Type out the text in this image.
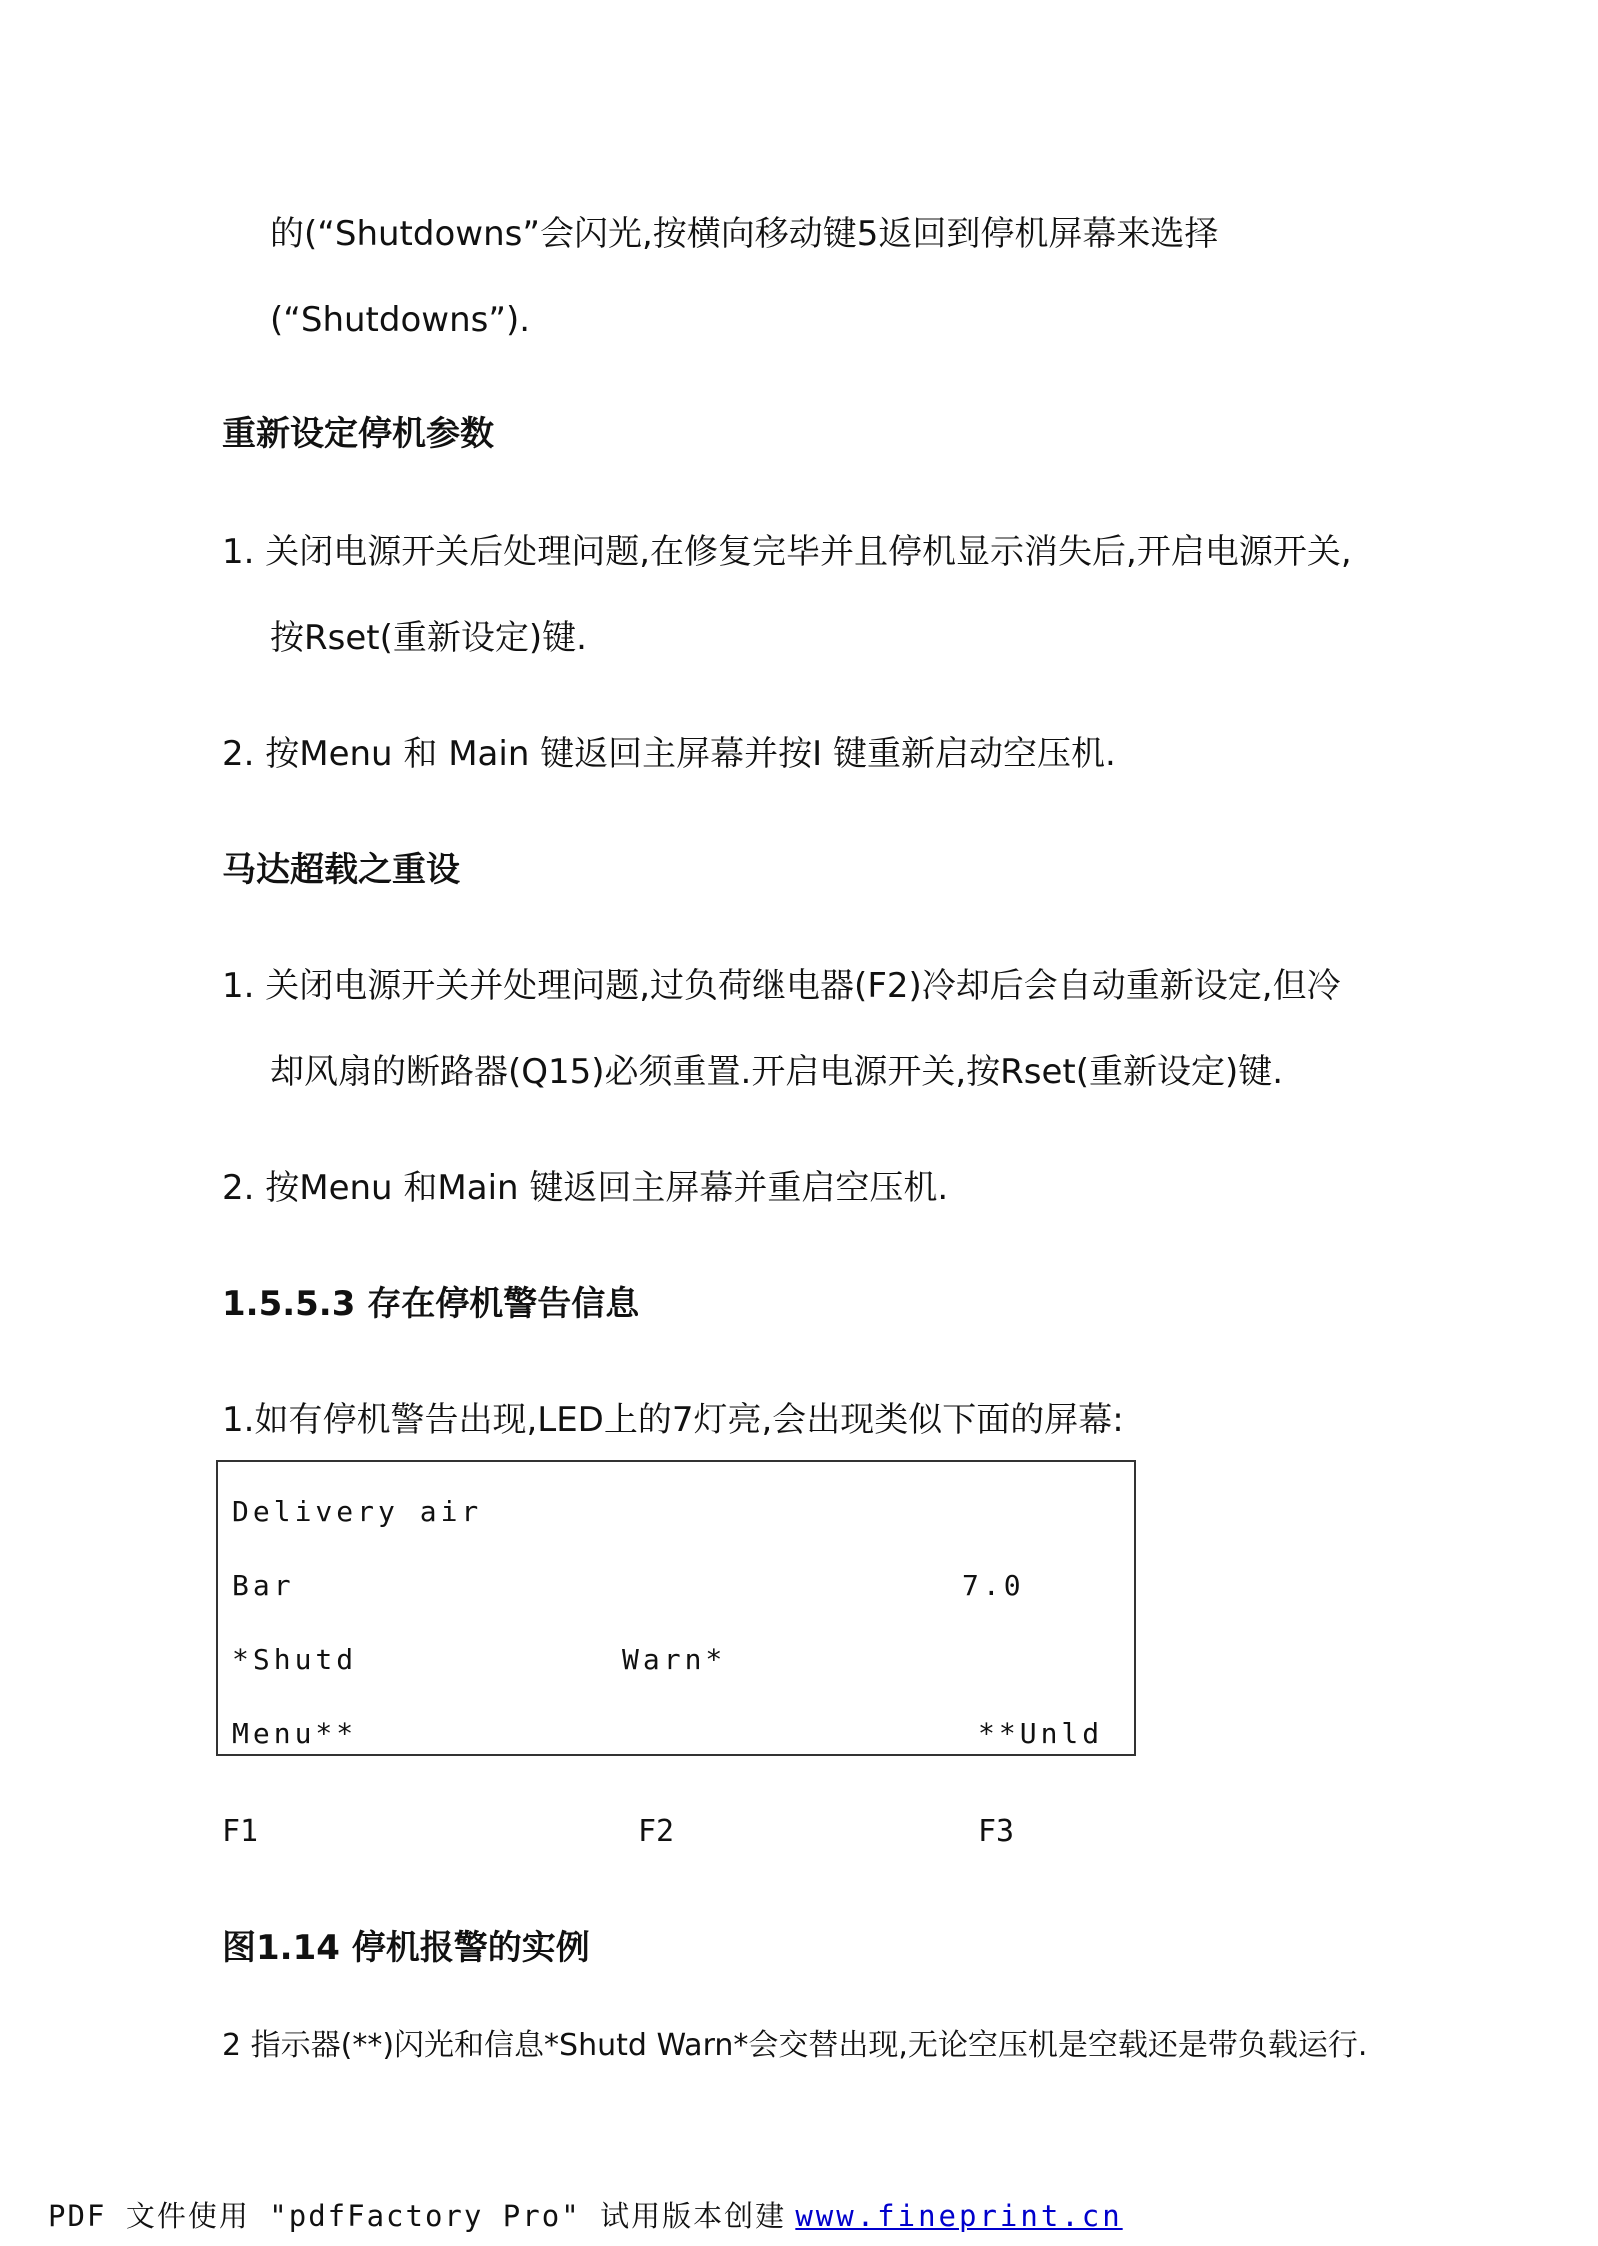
的(“Shutdowns”会闪光,按横向移动键5返回到停机屏幕来选择
(“Shutdowns”).
重新设定停机参数
1. 关闭电源开关后处理问题,在修复完毕并且停机显示消失后,开启电源开关,
按Rset(重新设定)键.
2. 按Menu 和 Main 键返回主屏幕并按I 键重新启动空压机.
马达超载之重设
1. 关闭电源开关并处理问题,过负荷继电器(F2)冷却后会自动重新设定,但冷
却风扇的断路器(Q15)必须重置.开启电源开关,按Rset(重新设定)键.
2. 按Menu 和Main 键返回主屏幕并重启空压机.
1.5.5.3 存在停机警告信息
1.如有停机警告出现,LED上的7灯亮,会出现类似下面的屏幕:
Delivery air
Bar	7.0
*Shutd	Warn*
Menu**	**Unld
F1	F2	F3
图1.14 停机报警的实例
2 指示器(**)闪光和信息*Shutd Warn*会交替出现,无论空压机是空载还是带负载运行.
PDF 文件使用 "pdfFactory Pro" 试用版本创建 www.fineprint.cn
